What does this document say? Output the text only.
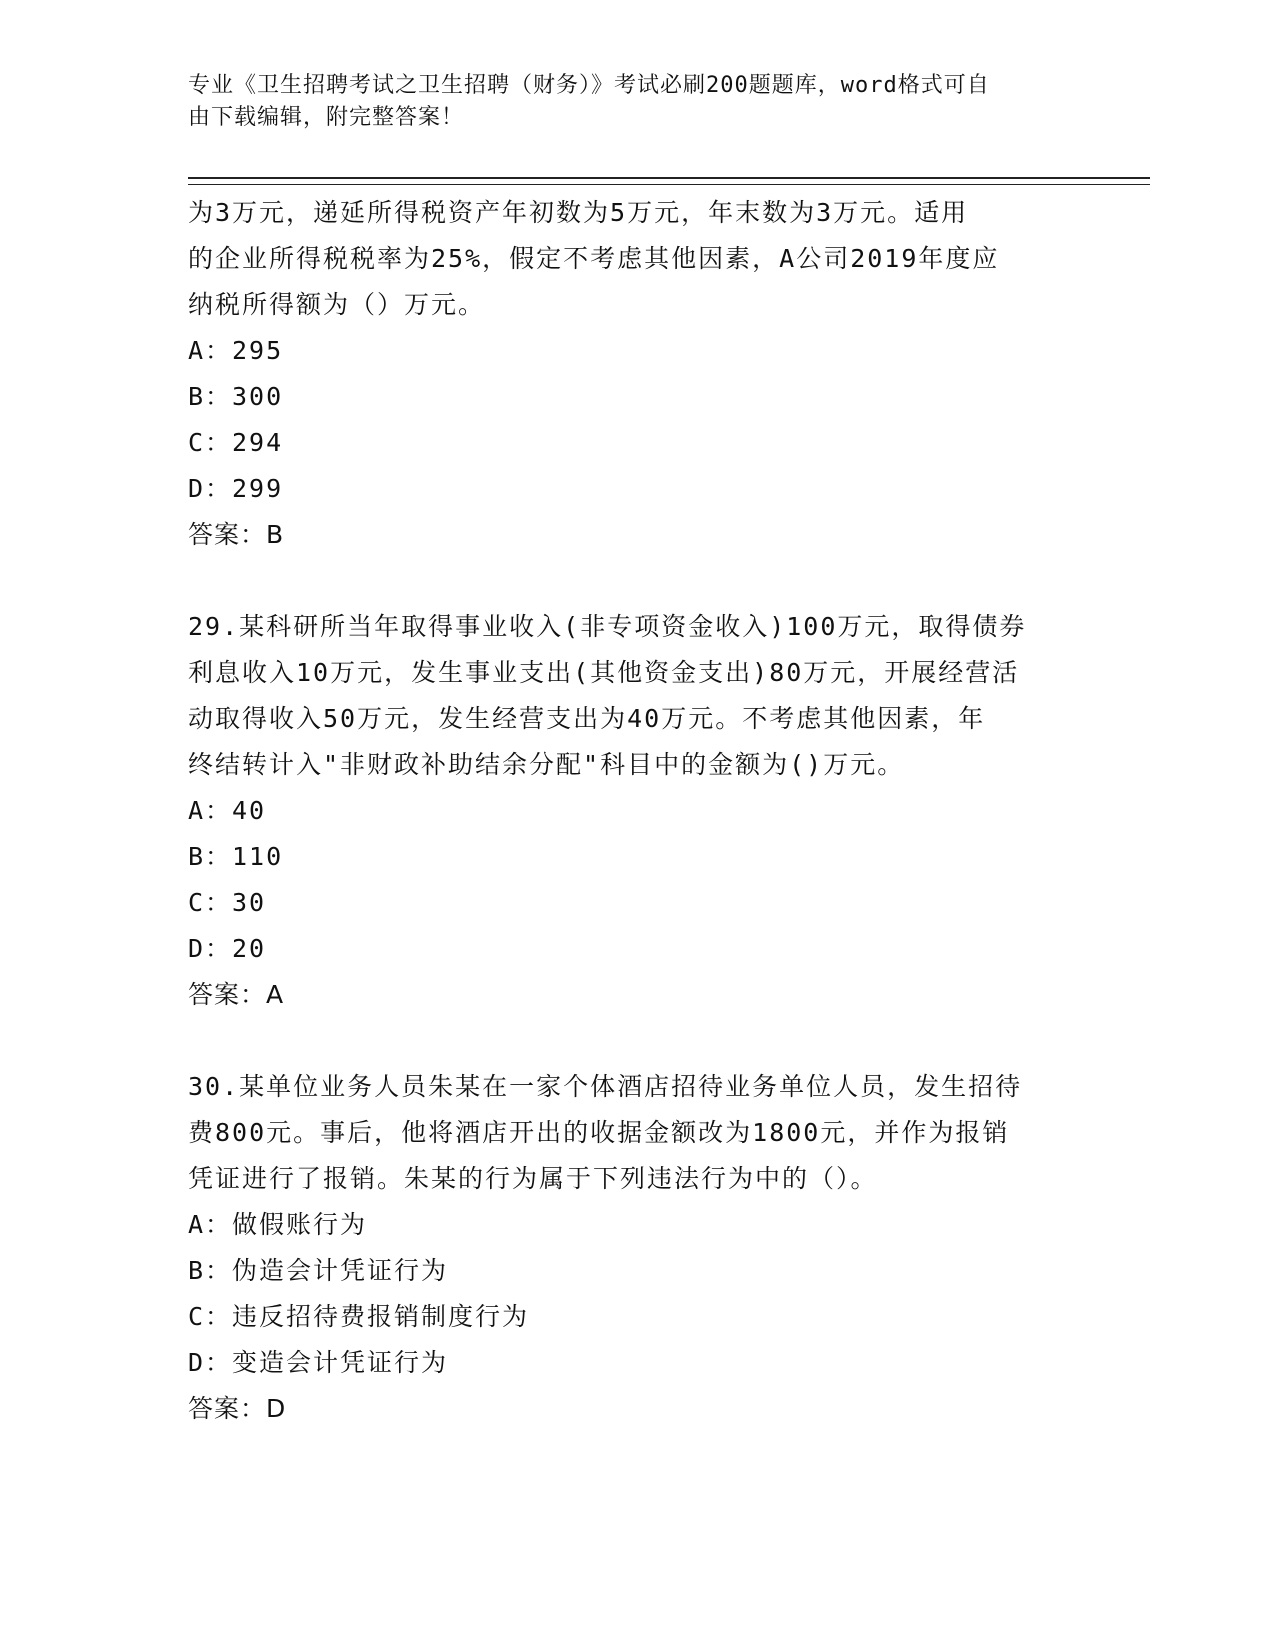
专业《卫生招聘考试之卫生招聘（财务）》考试必刷200题题库，word格式可自
由下载编辑，附完整答案！
为3万元，递延所得税资产年初数为5万元，年末数为3万元。适用
的企业所得税税率为25%，假定不考虑其他因素，A公司2019年度应
纳税所得额为（）万元。
A：295
B：300
C：294
D：299
答案：B
29.某科研所当年取得事业收入(非专项资金收入)100万元，取得债券
利息收入10万元，发生事业支出(其他资金支出)80万元，开展经营活
动取得收入50万元，发生经营支出为40万元。不考虑其他因素，年
终结转计入"非财政补助结余分配"科目中的金额为()万元。
A：40
B：110
C：30
D：20
答案：A
30.某单位业务人员朱某在一家个体酒店招待业务单位人员，发生招待
费800元。事后，他将酒店开出的收据金额改为1800元，并作为报销
凭证进行了报销。朱某的行为属于下列违法行为中的（）。
A：做假账行为
B：伪造会计凭证行为
C：违反招待费报销制度行为
D：变造会计凭证行为
答案：D
